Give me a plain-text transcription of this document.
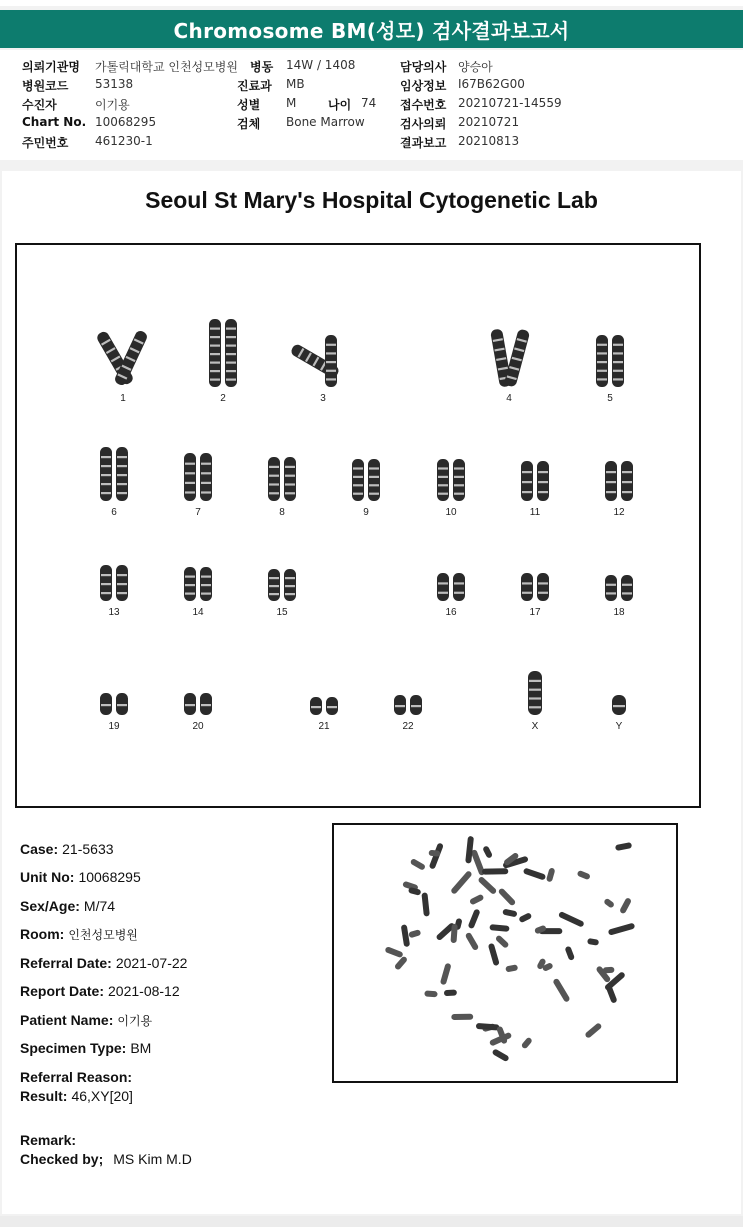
Chromosome BM(성모) 검사결과보고서
의뢰기관명 가톨릭대학교 인천성모병원 병동 14W / 1408	담당의사 양승아
병원코드 53138	진료과 MB	임상정보 I67B62G00
수진자	이기용	성별 M	나이 74 접수번호 20210721-14559
Chart No. 10068295	검체 Bone Marrow	검사의뢰 20210721
주민번호 461230-1	결과보고 20210813
Seoul St Mary's Hospital Cytogenetic Lab
1	2	3	4	5
6	7	8	9	10	11	12
13	14	15	16	17	18
19	20	21	22	X	Y
Case: 21-5633
Unit No: 10068295
Sex/Age: M/74
Room: 인천성모병원
Referral Date: 2021-07-22
Report Date: 2021-08-12
Patient Name: 이기용
Specimen Type: BM
Referral Reason:
Result: 46,XY[20]
Remark:
Checked by; MS Kim M.D
